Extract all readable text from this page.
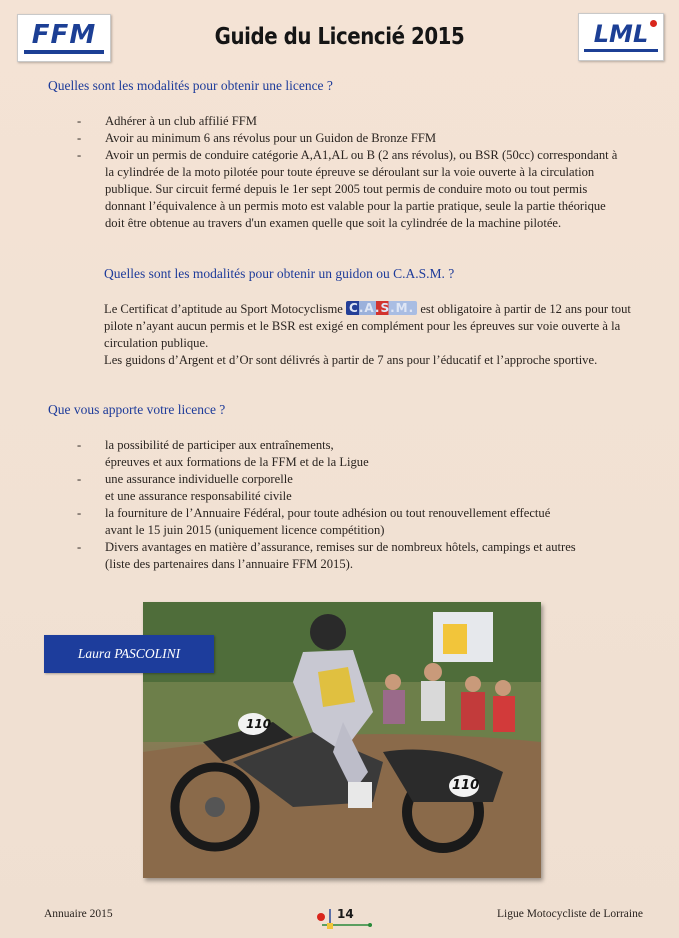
FFM	Guide du Licencié 2015	LML
Quelles sont les modalités pour obtenir une licence ?
- Adhérer à un club affilié FFM
- Avoir au minimum 6 ans révolus pour un Guidon de Bronze FFM
- Avoir un permis de conduire catégorie A,A1,AL ou B (2 ans révolus), ou BSR (50cc) correspondant à la cylindrée de la moto pilotée pour toute épreuve se déroulant sur la voie ouverte à la circulation publique. Sur circuit fermé depuis le 1er sept 2005 tout permis de conduire moto ou tout permis donnant l’équivalence à un permis moto est valable pour la partie pratique, seule la partie théorique doit être obtenue au travers d'un examen quelle que soit la cylindrée de la machine pilotée.
Quelles sont les modalités pour obtenir un guidon ou C.A.S.M. ?
Le Certificat d’aptitude au Sport Motocyclisme C.A.S.M. est obligatoire à partir de 12 ans pour tout pilote n’ayant aucun permis et le BSR est exigé en complément pour les épreuves sur voie ouverte à la circulation publique.
Les guidons d’Argent et d’Or sont délivrés à partir de 7 ans pour l’éducatif et l’approche sportive.
Que vous apporte votre licence ?
- la possibilité de participer aux entraînements,
épreuves et aux formations de la FFM et de la Ligue
- une assurance individuelle corporelle
et une assurance responsabilité civile
- la fourniture de l’Annuaire Fédéral, pour toute adhésion ou tout renouvellement effectué
avant le 15 juin 2015 (uniquement licence compétition)
- Divers avantages en matière d’assurance, remises sur de nombreux hôtels, campings et autres
(liste des partenaires dans l’annuaire FFM 2015).
110
110
Laura PASCOLINI
Annuaire 2015	14	Ligue Motocycliste de Lorraine
